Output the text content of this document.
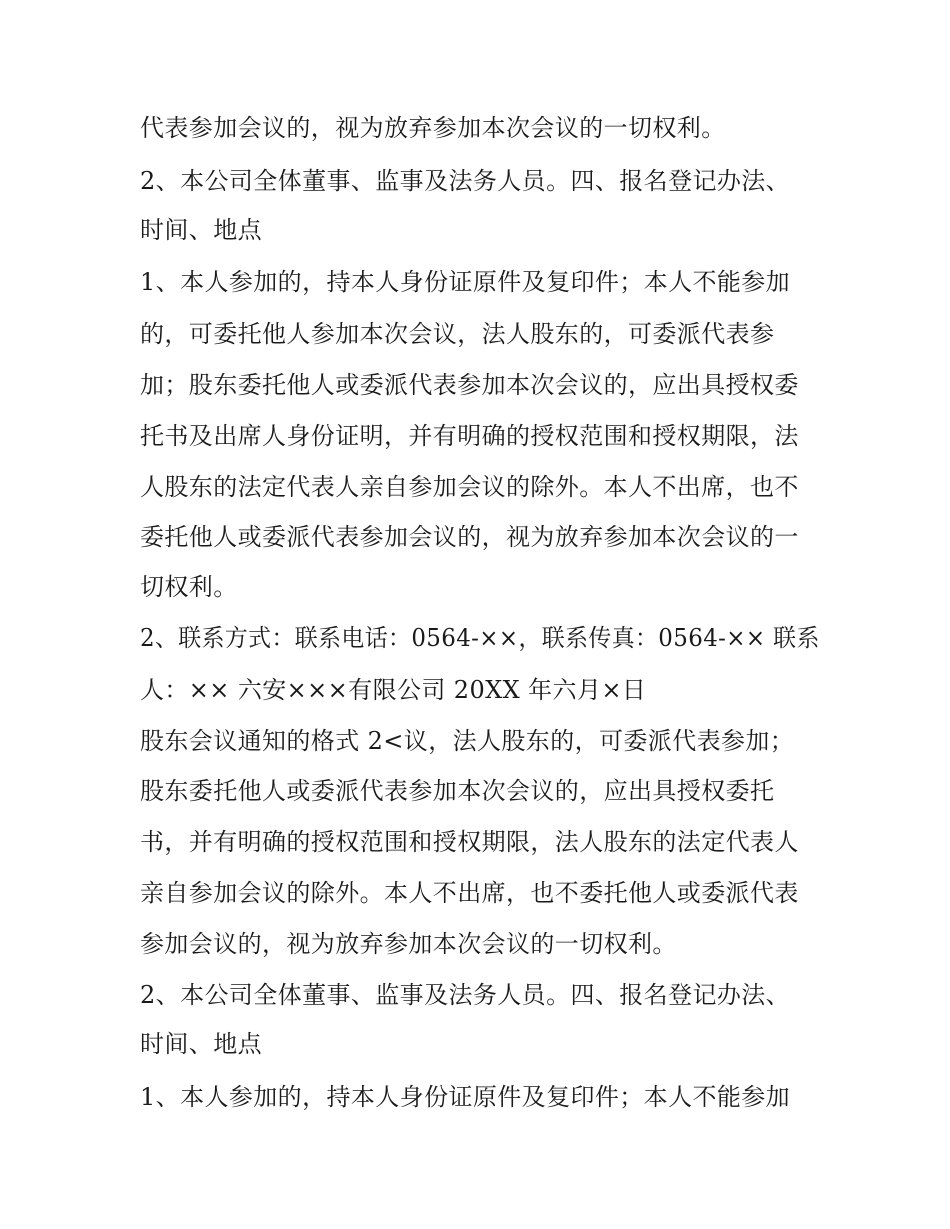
代表参加会议的，视为放弃参加本次会议的一切权利。
2、本公司全体董事、监事及法务人员。四、报名登记办法、
时间、地点
1、本人参加的，持本人身份证原件及复印件；本人不能参加
的，可委托他人参加本次会议，法人股东的，可委派代表参
加；股东委托他人或委派代表参加本次会议的，应出具授权委
托书及出席人身份证明，并有明确的授权范围和授权期限，法
人股东的法定代表人亲自参加会议的除外。本人不出席，也不
委托他人或委派代表参加会议的，视为放弃参加本次会议的一
切权利。
2、联系方式：联系电话：0564-××，联系传真：0564-×× 联系
人：×× 六安×××有限公司 20XX 年六月×日
股东会议通知的格式 2<议，法人股东的，可委派代表参加；
股东委托他人或委派代表参加本次会议的，应出具授权委托
书，并有明确的授权范围和授权期限，法人股东的法定代表人
亲自参加会议的除外。本人不出席，也不委托他人或委派代表
参加会议的，视为放弃参加本次会议的一切权利。
2、本公司全体董事、监事及法务人员。四、报名登记办法、
时间、地点
1、本人参加的，持本人身份证原件及复印件；本人不能参加
